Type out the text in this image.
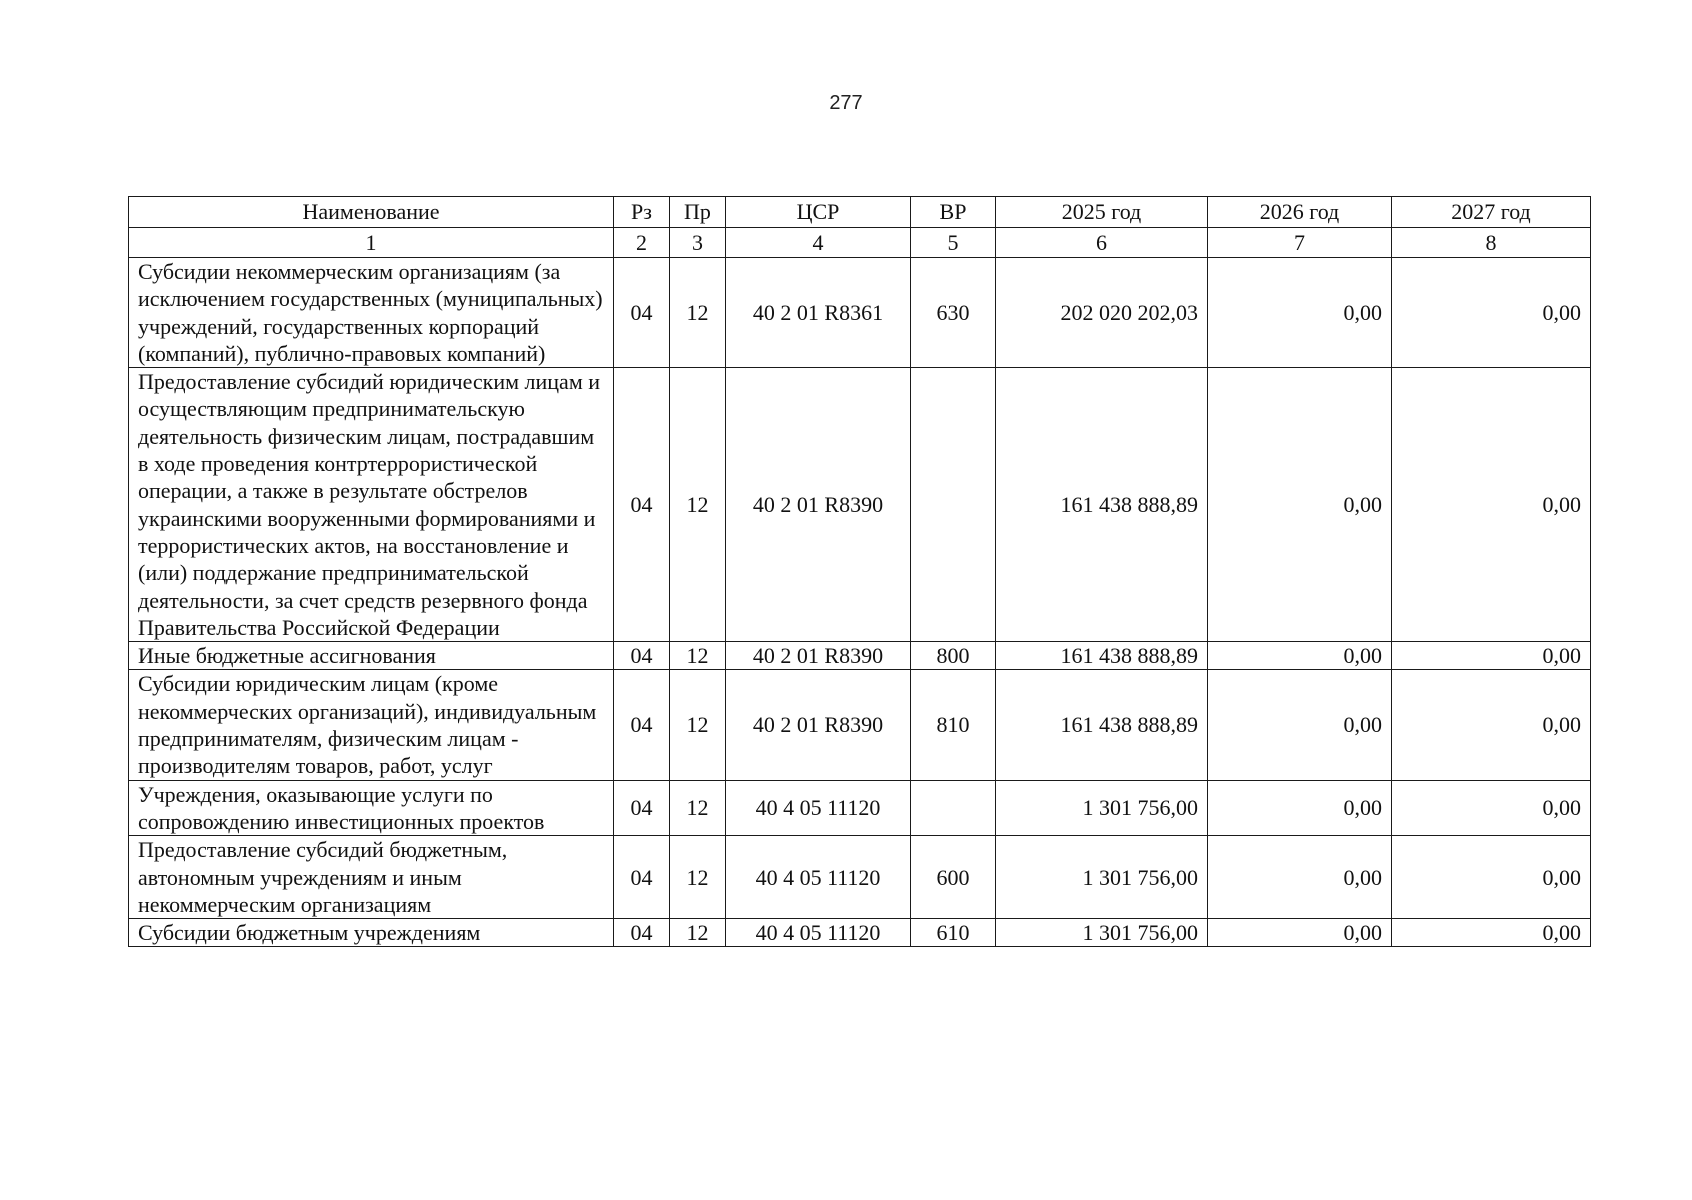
277
Наименование	Рз	Пр	ЦСР	ВР	2025 год	2026 год	2027 год
1	2	3	4	5	6	7	8
Субсидии некоммерческим организациям (за исключением государственных (муниципальных) учреждений, государственных корпораций (компаний), публично-правовых компаний)	04	12	40 2 01 R8361	630	202 020 202,03	0,00	0,00
Предоставление субсидий юридическим лицам и осуществляющим предпринимательскую деятельность физическим лицам, пострадавшим в ходе проведения контртеррористической операции, а также в результате обстрелов украинскими вооруженными формированиями и террористических актов, на восстановление и (или) поддержание предпринимательской деятельности, за счет средств резервного фонда Правительства Российской Федерации	04	12	40 2 01 R8390		161 438 888,89	0,00	0,00
Иные бюджетные ассигнования	04	12	40 2 01 R8390	800	161 438 888,89	0,00	0,00
Субсидии юридическим лицам (кроме некоммерческих организаций), индивидуальным предпринимателям, физическим лицам - производителям товаров, работ, услуг	04	12	40 2 01 R8390	810	161 438 888,89	0,00	0,00
Учреждения, оказывающие услуги по сопровождению инвестиционных проектов	04	12	40 4 05 11120		1 301 756,00	0,00	0,00
Предоставление субсидий бюджетным, автономным учреждениям и иным некоммерческим организациям	04	12	40 4 05 11120	600	1 301 756,00	0,00	0,00
Субсидии бюджетным учреждениям	04	12	40 4 05 11120	610	1 301 756,00	0,00	0,00
